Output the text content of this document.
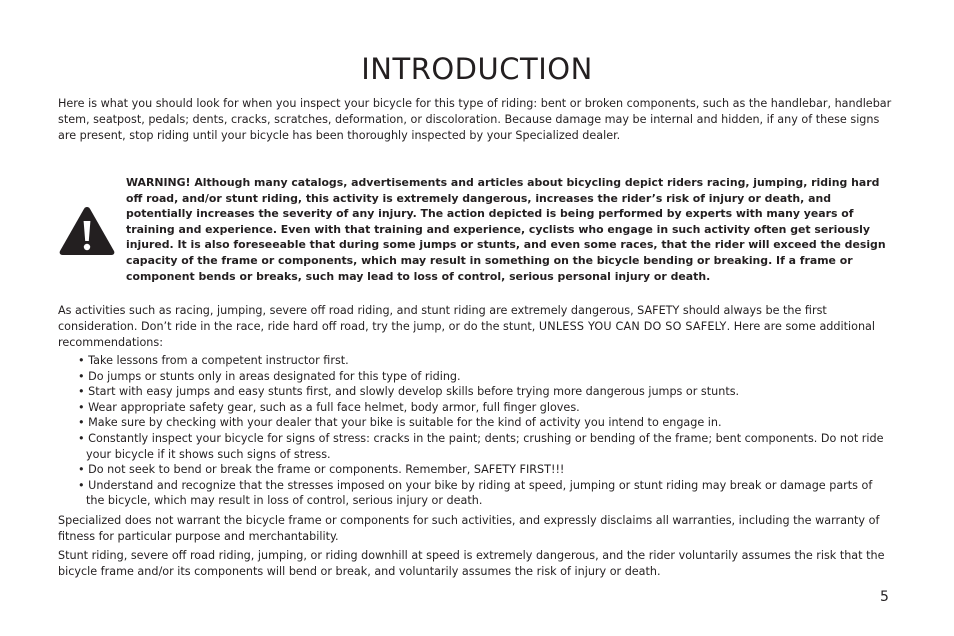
INTRODUCTION

Here is what you should look for when you inspect your bicycle for this type of riding: bent or broken components, such as the handlebar, handlebar stem, seatpost, pedals; dents, cracks, scratches, deformation, or discoloration. Because damage may be internal and hidden, if any of these signs are present, stop riding until your bicycle has been thoroughly inspected by your Specialized dealer.

WARNING! Although many catalogs, advertisements and articles about bicycling depict riders racing, jumping, riding hard off road, and/or stunt riding, this activity is extremely dangerous, increases the rider’s risk of injury or death, and potentially increases the severity of any injury. The action depicted is being performed by experts with many years of training and experience. Even with that training and experience, cyclists who engage in such activity often get seriously injured. It is also foreseeable that during some jumps or stunts, and even some races, that the rider will exceed the design capacity of the frame or components, which may result in something on the bicycle bending or breaking. If a frame or component bends or breaks, such may lead to loss of control, serious personal injury or death.

As activities such as racing, jumping, severe off road riding, and stunt riding are extremely dangerous, SAFETY should always be the first consideration. Don’t ride in the race, ride hard off road, try the jump, or do the stunt, UNLESS YOU CAN DO SO SAFELY. Here are some additional recommendations:

• Take lessons from a competent instructor first.
• Do jumps or stunts only in areas designated for this type of riding.
• Start with easy jumps and easy stunts first, and slowly develop skills before trying more dangerous jumps or stunts.
• Wear appropriate safety gear, such as a full face helmet, body armor, full finger gloves.
• Make sure by checking with your dealer that your bike is suitable for the kind of activity you intend to engage in.
• Constantly inspect your bicycle for signs of stress: cracks in the paint; dents; crushing or bending of the frame; bent components. Do not ride your bicycle if it shows such signs of stress.
• Do not seek to bend or break the frame or components. Remember, SAFETY FIRST!!!
• Understand and recognize that the stresses imposed on your bike by riding at speed, jumping or stunt riding may break or damage parts of the bicycle, which may result in loss of control, serious injury or death.

Specialized does not warrant the bicycle frame or components for such activities, and expressly disclaims all warranties, including the warranty of fitness for particular purpose and merchantability.

Stunt riding, severe off road riding, jumping, or riding downhill at speed is extremely dangerous, and the rider voluntarily assumes the risk that the bicycle frame and/or its components will bend or break, and voluntarily assumes the risk of injury or death.

5
